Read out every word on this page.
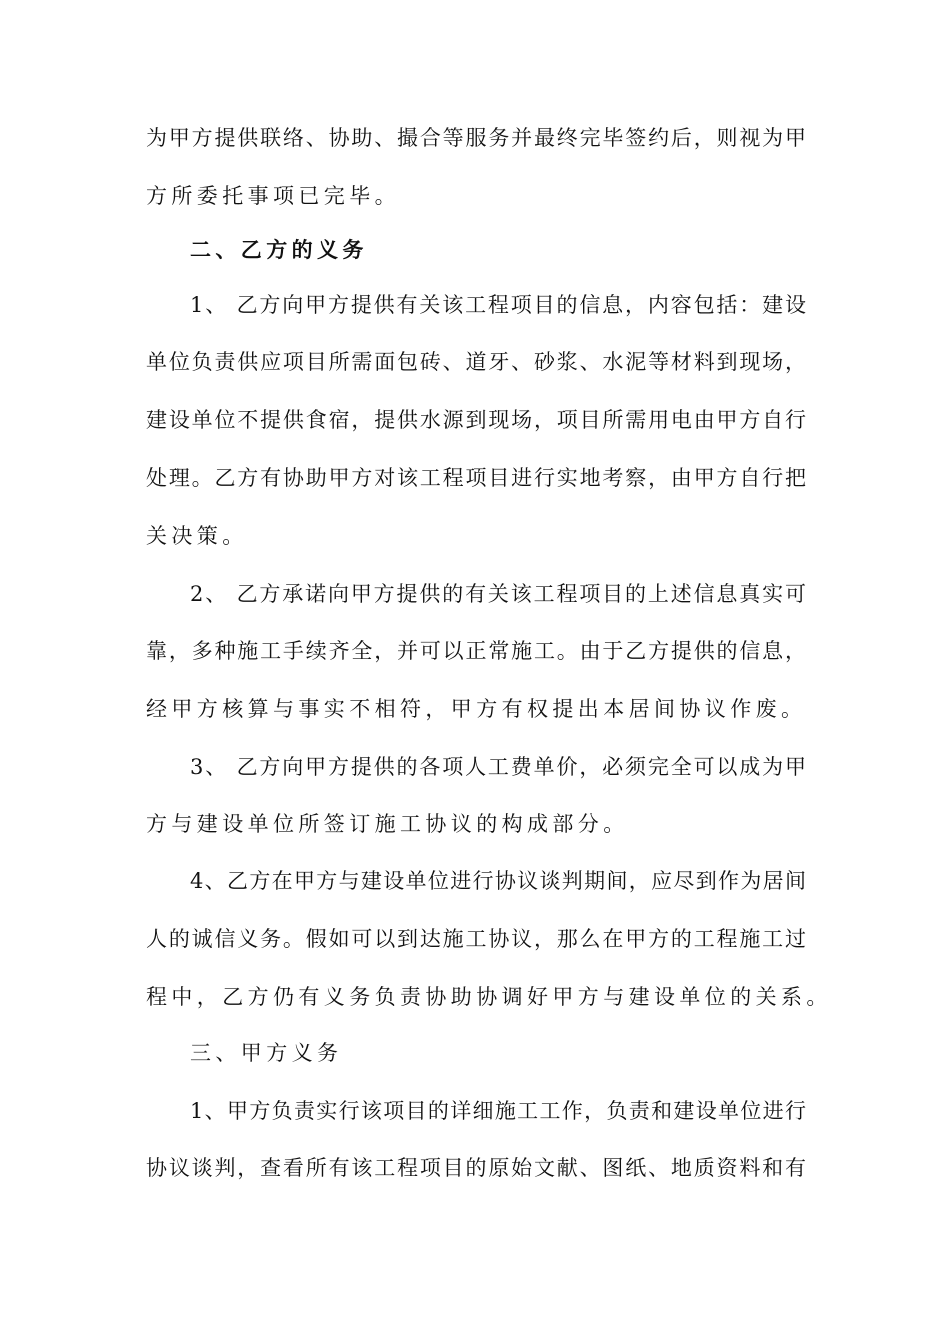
为甲方提供联络、协助、撮合等服务并最终完毕签约后，则视为甲
方所委托事项已完毕。
二、乙方的义务
1、 乙方向甲方提供有关该工程项目的信息，内容包括：建设
单位负责供应项目所需面包砖、道牙、砂浆、水泥等材料到现场，
建设单位不提供食宿，提供水源到现场，项目所需用电由甲方自行
处理。乙方有协助甲方对该工程项目进行实地考察，由甲方自行把
关决策。
2、 乙方承诺向甲方提供的有关该工程项目的上述信息真实可
靠，多种施工手续齐全，并可以正常施工。由于乙方提供的信息，
经甲方核算与事实不相符，甲方有权提出本居间协议作废。
3、 乙方向甲方提供的各项人工费单价，必须完全可以成为甲
方与建设单位所签订施工协议的构成部分。
4、乙方在甲方与建设单位进行协议谈判期间，应尽到作为居间
人的诚信义务。假如可以到达施工协议，那么在甲方的工程施工过
程中，乙方仍有义务负责协助协调好甲方与建设单位的关系。
三、甲方义务
1、甲方负责实行该项目的详细施工工作，负责和建设单位进行
协议谈判，查看所有该工程项目的原始文献、图纸、地质资料和有
